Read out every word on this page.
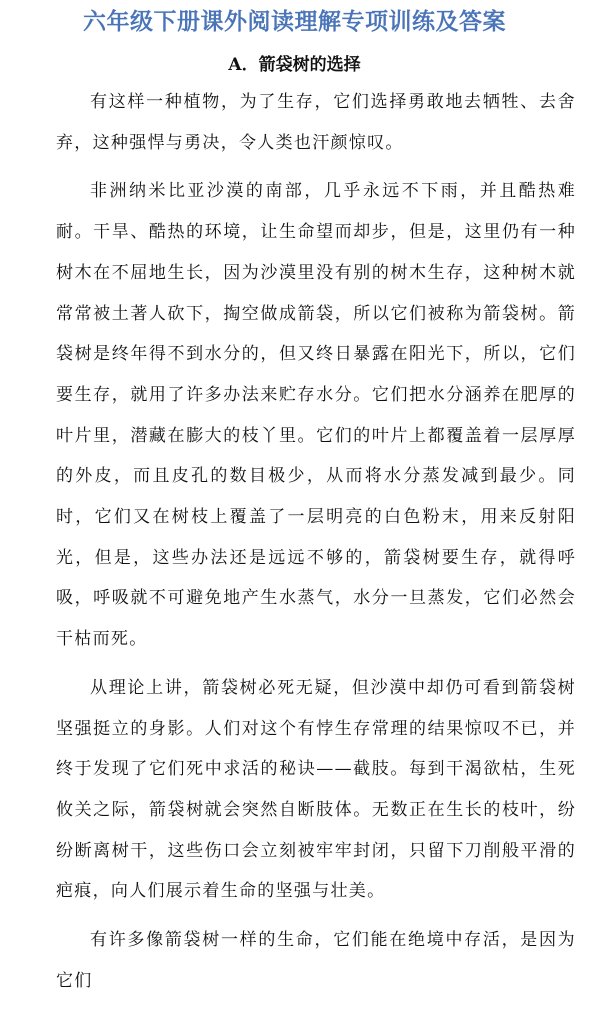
六年级下册课外阅读理解专项训练及答案
A．箭袋树的选择

有这样一种植物，为了生存，它们选择勇敢地去牺牲、去舍弃，这种强悍与勇决，令人类也汗颜惊叹。

非洲纳米比亚沙漠的南部，几乎永远不下雨，并且酷热难耐。干旱、酷热的环境，让生命望而却步，但是，这里仍有一种树木在不屈地生长，因为沙漠里没有别的树木生存，这种树木就常常被土著人砍下，掏空做成箭袋，所以它们被称为箭袋树。箭袋树是终年得不到水分的，但又终日暴露在阳光下，所以，它们要生存，就用了许多办法来贮存水分。它们把水分涵养在肥厚的叶片里，潜藏在膨大的枝丫里。它们的叶片上都覆盖着一层厚厚的外皮，而且皮孔的数目极少，从而将水分蒸发减到最少。同时，它们又在树枝上覆盖了一层明亮的白色粉末，用来反射阳光，但是，这些办法还是远远不够的，箭袋树要生存，就得呼吸，呼吸就不可避免地产生水蒸气，水分一旦蒸发，它们必然会干枯而死。

从理论上讲，箭袋树必死无疑，但沙漠中却仍可看到箭袋树坚强挺立的身影。人们对这个有悖生存常理的结果惊叹不已，并终于发现了它们死中求活的秘诀——截肢。每到干渴欲枯，生死攸关之际，箭袋树就会突然自断肢体。无数正在生长的枝叶，纷纷断离树干，这些伤口会立刻被牢牢封闭，只留下刀削般平滑的疤痕，向人们展示着生命的坚强与壮美。

有许多像箭袋树一样的生命，它们能在绝境中存活，是因为它们
